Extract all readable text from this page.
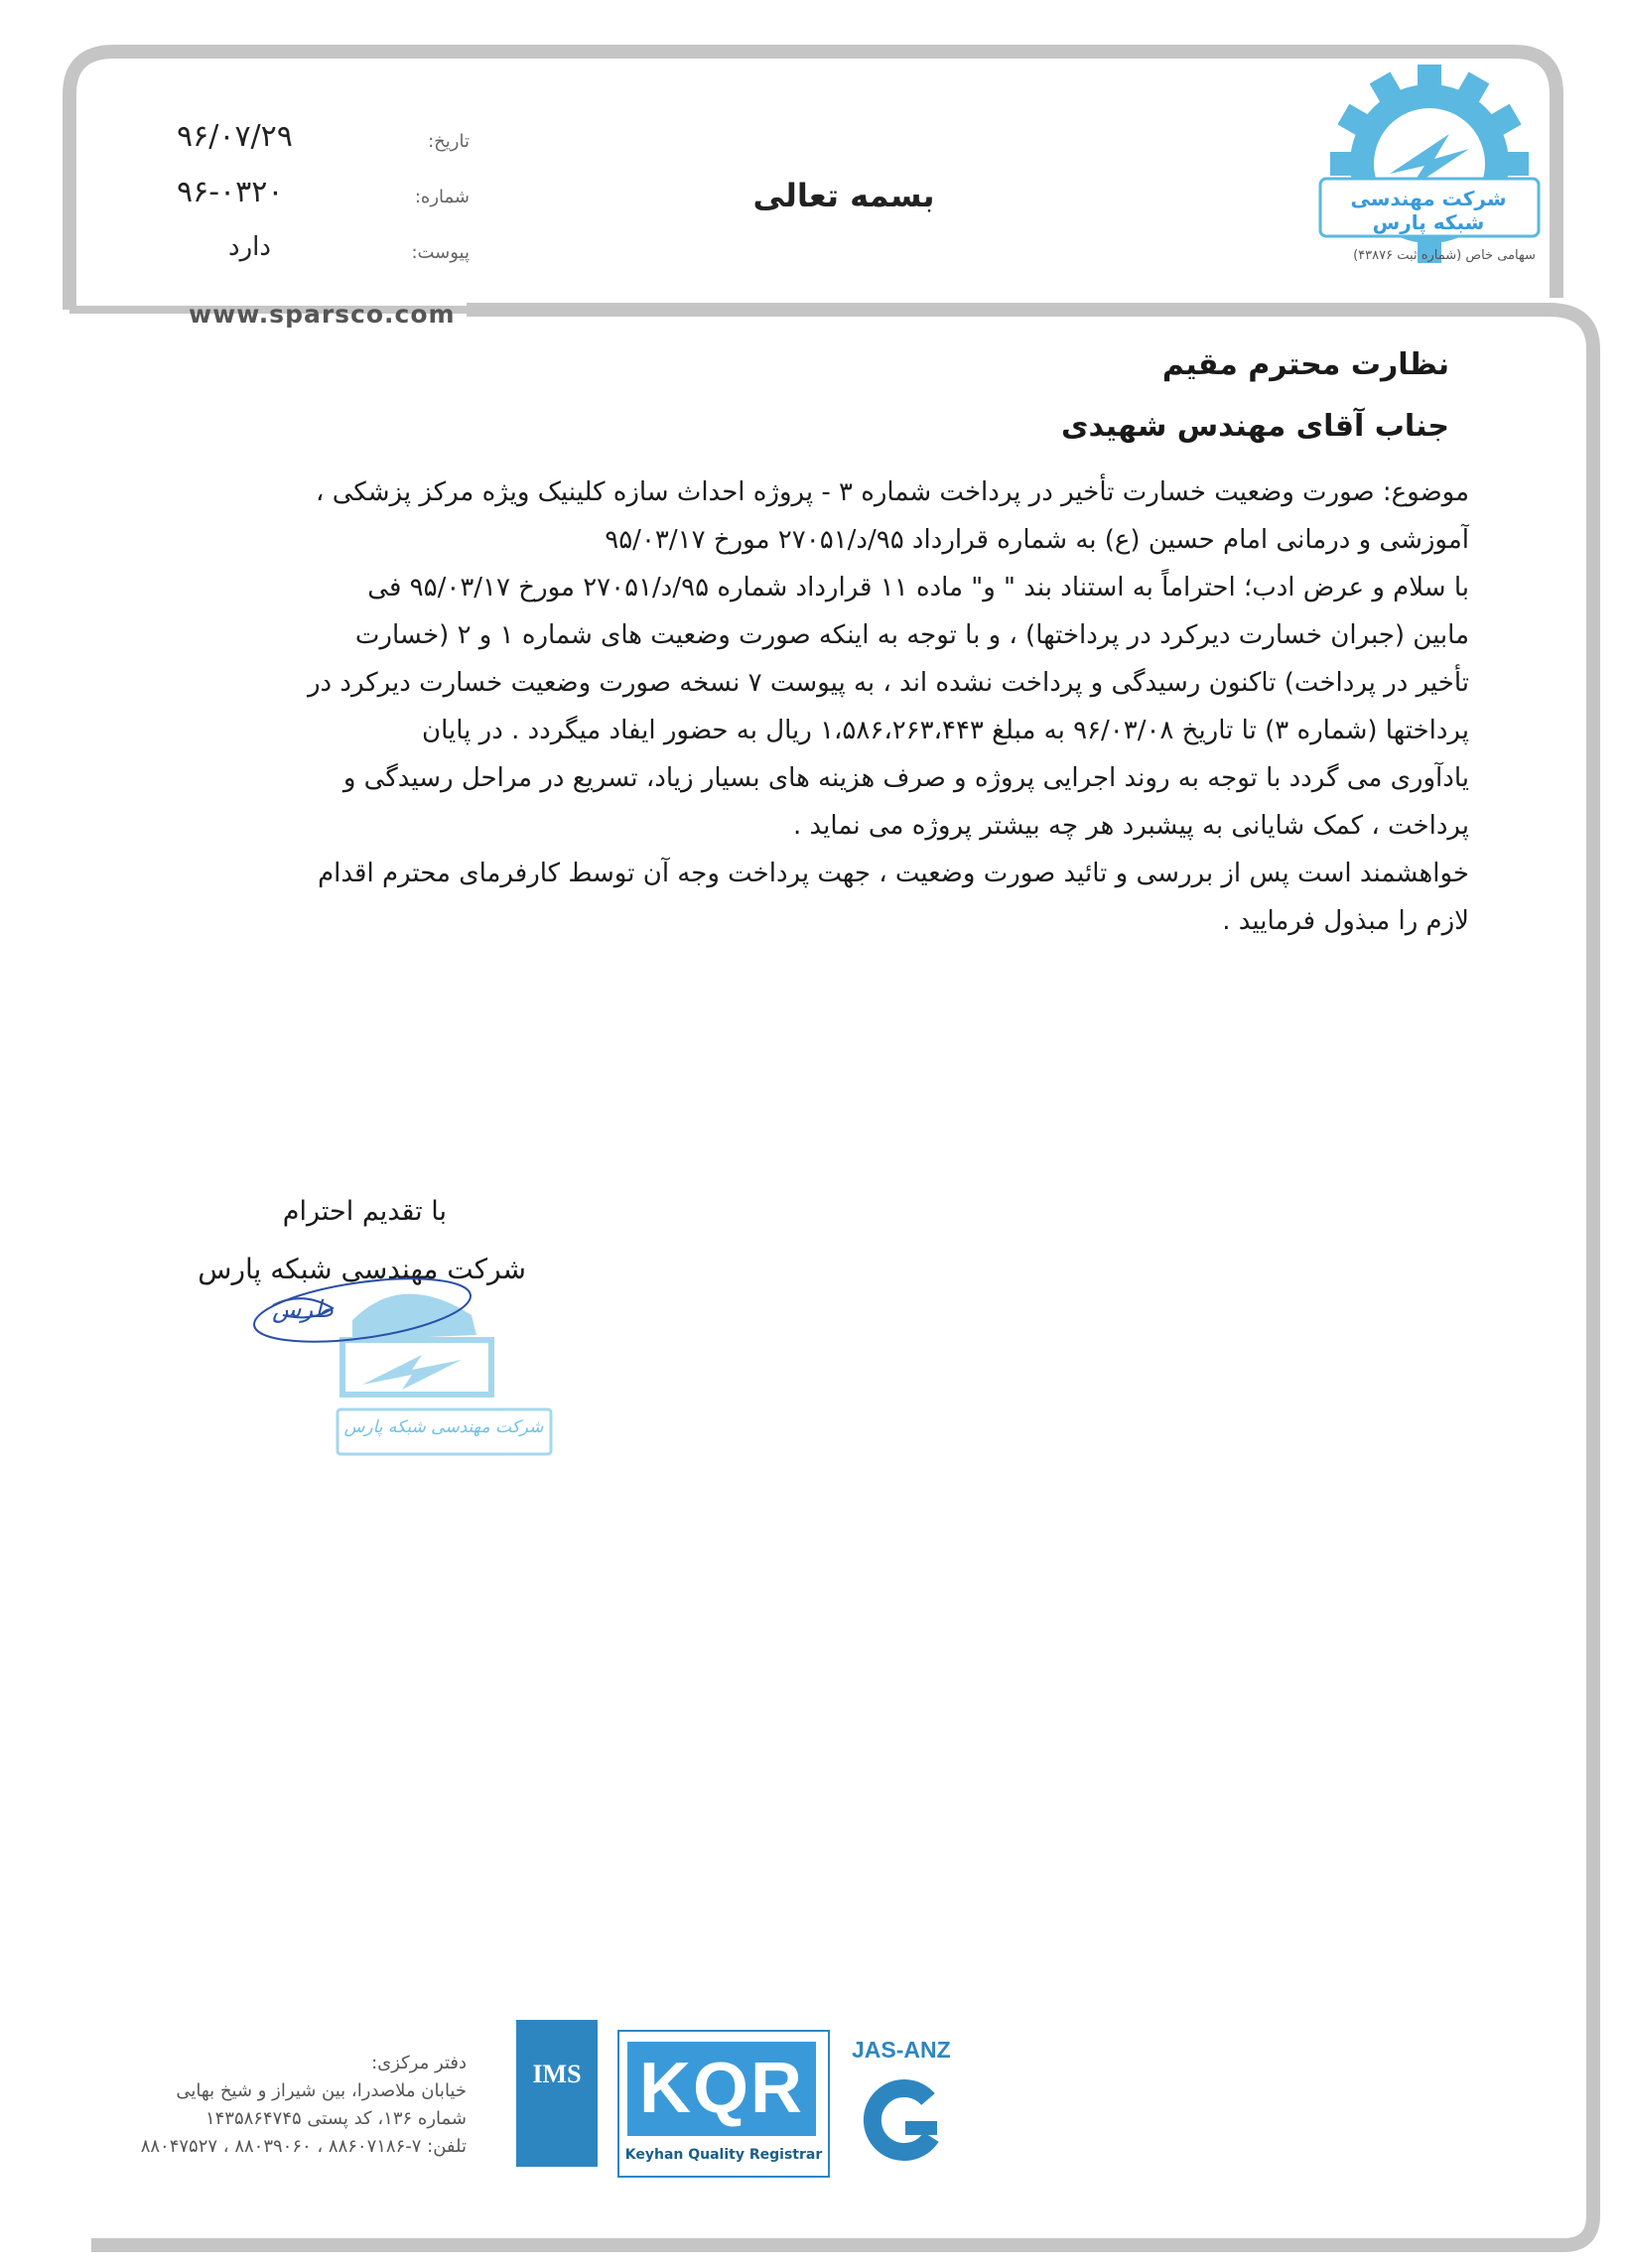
شرکت مهندسی شبکه پارس
سهامی خاص (شماره ثبت ۴۳۸۷۶)
بسمه تعالی
تاریخ:
۹۶/۰۷/۲۹
شماره:
۹۶-۰۳۲۰
پیوست:
دارد
www.sparsco.com
نظارت محترم مقیم
جناب آقای مهندس شهیدی
موضوع: صورت وضعیت خسارت تأخیر در پرداخت شماره ۳ - پروژه احداث سازه کلینیک ویژه مرکز پزشکی ،
آموزشی و درمانی امام حسین (ع) به شماره قرارداد ۹۵/د/۲۷۰۵۱ مورخ ۹۵/۰۳/۱۷
با سلام و عرض ادب؛ احتراماً به استناد بند " و" ماده ۱۱ قرارداد شماره ۹۵/د/۲۷۰۵۱ مورخ ۹۵/۰۳/۱۷ فی
مابین (جبران خسارت دیرکرد در پرداختها) ، و با توجه به اینکه صورت وضعیت های شماره ۱ و ۲ (خسارت
تأخیر در پرداخت) تاکنون رسیدگی و پرداخت نشده اند ، به پیوست ۷ نسخه صورت وضعیت خسارت دیرکرد در
پرداختها (شماره ۳) تا تاریخ ۹۶/۰۳/۰۸ به مبلغ ۱،۵۸۶،۲۶۳،۴۴۳ ریال به حضور ایفاد میگردد . در پایان
یادآوری می گردد با توجه به روند اجرایی پروژه و صرف هزینه های بسیار زیاد، تسریع در مراحل رسیدگی و
پرداخت ، کمک شایانی به پیشبرد هر چه بیشتر پروژه می نماید .
خواهشمند است پس از بررسی و تائید صورت وضعیت ، جهت پرداخت وجه آن توسط کارفرمای محترم اقدام
لازم را مبذول فرمایید .
با تقدیم احترام
شرکت مهندسی شبکه پارس
طرس
شرکت مهندسی شبکه پارس
دفتر مرکزی:
خیابان ملاصدرا، بین شیراز و شیخ بهایی
شماره ۱۳۶، کد پستی ۱۴۳۵۸۶۴۷۴۵
تلفن: ۷-۸۸۶۰۷۱۸۶ ، ۸۸۰۳۹۰۶۰ ، ۸۸۰۴۷۵۲۷
IMS KQR
Keyhan Quality Registrar
JAS-ANZ
